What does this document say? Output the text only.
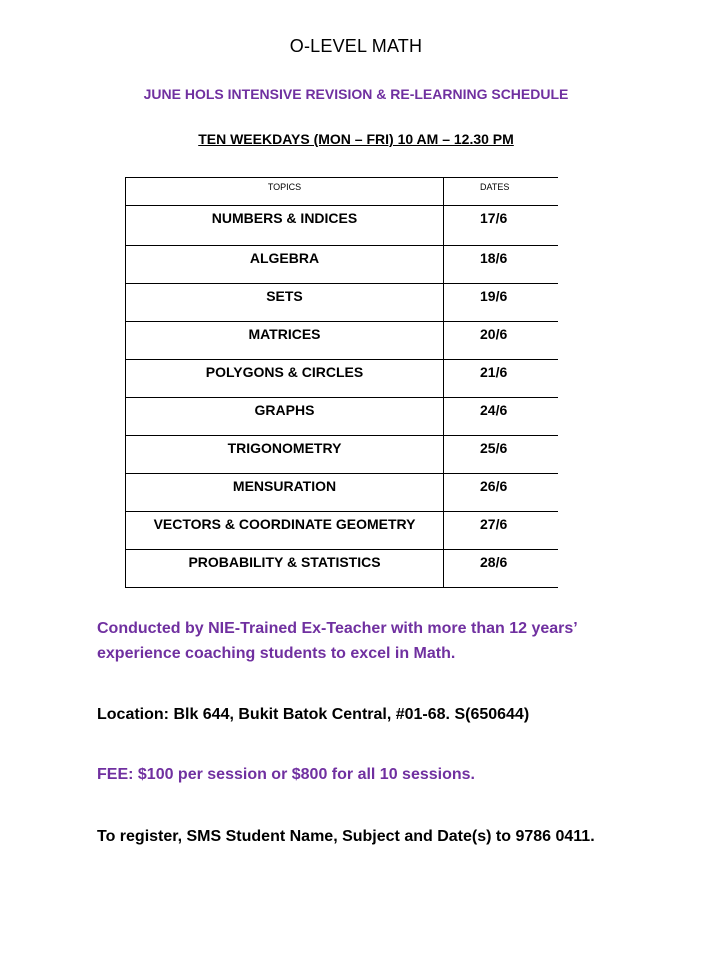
O-LEVEL MATH
JUNE HOLS INTENSIVE REVISION & RE-LEARNING SCHEDULE
TEN WEEKDAYS (MON – FRI) 10 AM – 12.30 PM
TOPICS	DATES
NUMBERS & INDICES	17/6
ALGEBRA	18/6
SETS	19/6
MATRICES	20/6
POLYGONS & CIRCLES	21/6
GRAPHS	24/6
TRIGONOMETRY	25/6
MENSURATION	26/6
VECTORS & COORDINATE GEOMETRY	27/6
PROBABILITY & STATISTICS	28/6
Conducted by NIE-Trained Ex-Teacher with more than 12 years’ experience coaching students to excel in Math.
Location: Blk 644, Bukit Batok Central, #01-68. S(650644)
FEE: $100 per session or $800 for all 10 sessions.
To register, SMS Student Name, Subject and Date(s) to 9786 0411.
